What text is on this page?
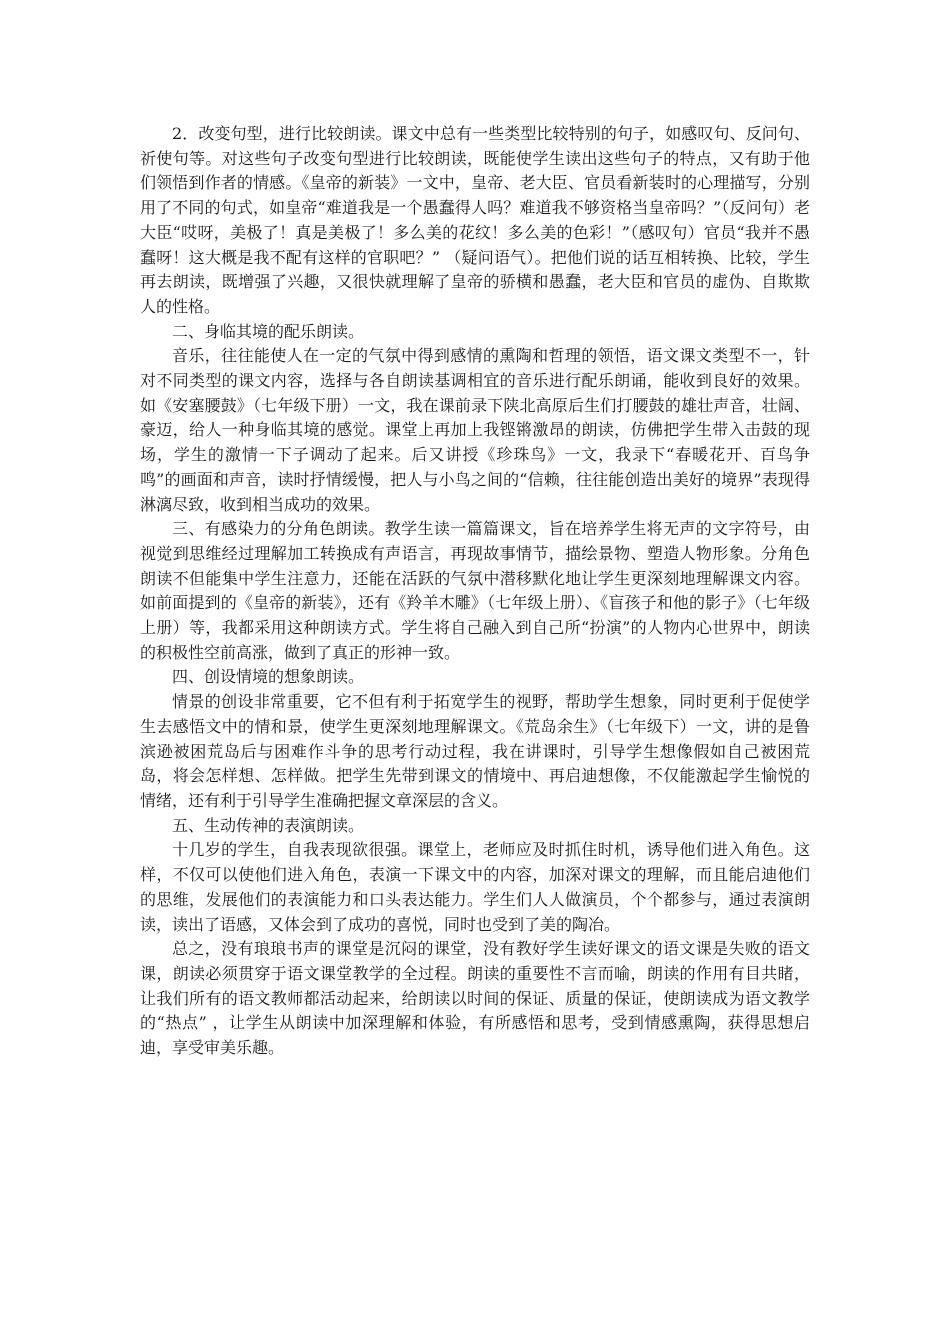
2．改变句型，进行比较朗读。课文中总有一些类型比较特别的句子，如感叹句、反问句、祈使句等。对这些句子改变句型进行比较朗读，既能使学生读出这些句子的特点，又有助于他们领悟到作者的情感。《皇帝的新装》一文中，皇帝、老大臣、官员看新装时的心理描写，分别用了不同的句式，如皇帝“难道我是一个愚蠢得人吗？难道我不够资格当皇帝吗？”（反问句）老大臣“哎呀，美极了！真是美极了！多么美的花纹！多么美的色彩！”（感叹句）官员“我并不愚蠢呀！这大概是我不配有这样的官职吧？” （疑问语气）。把他们说的话互相转换、比较，学生再去朗读，既增强了兴趣，又很快就理解了皇帝的骄横和愚蠢，老大臣和官员的虚伪、自欺欺人的性格。

二、身临其境的配乐朗读。

音乐，往往能使人在一定的气氛中得到感情的熏陶和哲理的领悟，语文课文类型不一，针对不同类型的课文内容，选择与各自朗读基调相宜的音乐进行配乐朗诵，能收到良好的效果。如《安塞腰鼓》（七年级下册）一文，我在课前录下陕北高原后生们打腰鼓的雄壮声音，壮阔、豪迈，给人一种身临其境的感觉。课堂上再加上我铿锵激昂的朗读，仿佛把学生带入击鼓的现场，学生的激情一下子调动了起来。后又讲授《珍珠鸟》一文，我录下“春暖花开、百鸟争鸣”的画面和声音，读时抒情缓慢，把人与小鸟之间的“信赖，往往能创造出美好的境界”表现得淋漓尽致，收到相当成功的效果。

三、有感染力的分角色朗读。教学生读一篇篇课文，旨在培养学生将无声的文字符号，由视觉到思维经过理解加工转换成有声语言，再现故事情节，描绘景物、塑造人物形象。分角色朗读不但能集中学生注意力，还能在活跃的气氛中潜移默化地让学生更深刻地理解课文内容。如前面提到的《皇帝的新装》，还有《羚羊木雕》（七年级上册）、《盲孩子和他的影子》（七年级上册）等，我都采用这种朗读方式。学生将自己融入到自己所“扮演”的人物内心世界中，朗读的积极性空前高涨，做到了真正的形神一致。

四、创设情境的想象朗读。

情景的创设非常重要，它不但有利于拓宽学生的视野，帮助学生想象，同时更利于促使学生去感悟文中的情和景，使学生更深刻地理解课文。《荒岛余生》（七年级下）一文，讲的是鲁滨逊被困荒岛后与困难作斗争的思考行动过程，我在讲课时，引导学生想像假如自己被困荒岛，将会怎样想、怎样做。把学生先带到课文的情境中、再启迪想像，不仅能激起学生愉悦的情绪，还有利于引导学生准确把握文章深层的含义。

五、生动传神的表演朗读。

十几岁的学生，自我表现欲很强。课堂上，老师应及时抓住时机，诱导他们进入角色。这样，不仅可以使他们进入角色，表演一下课文中的内容，加深对课文的理解，而且能启迪他们的思维，发展他们的表演能力和口头表达能力。学生们人人做演员，个个都参与，通过表演朗读，读出了语感，又体会到了成功的喜悦，同时也受到了美的陶冶。

总之，没有琅琅书声的课堂是沉闷的课堂，没有教好学生读好课文的语文课是失败的语文课，朗读必须贯穿于语文课堂教学的全过程。朗读的重要性不言而喻，朗读的作用有目共睹，让我们所有的语文教师都活动起来，给朗读以时间的保证、质量的保证，使朗读成为语文教学的“热点” ，让学生从朗读中加深理解和体验，有所感悟和思考，受到情感熏陶，获得思想启迪，享受审美乐趣。
